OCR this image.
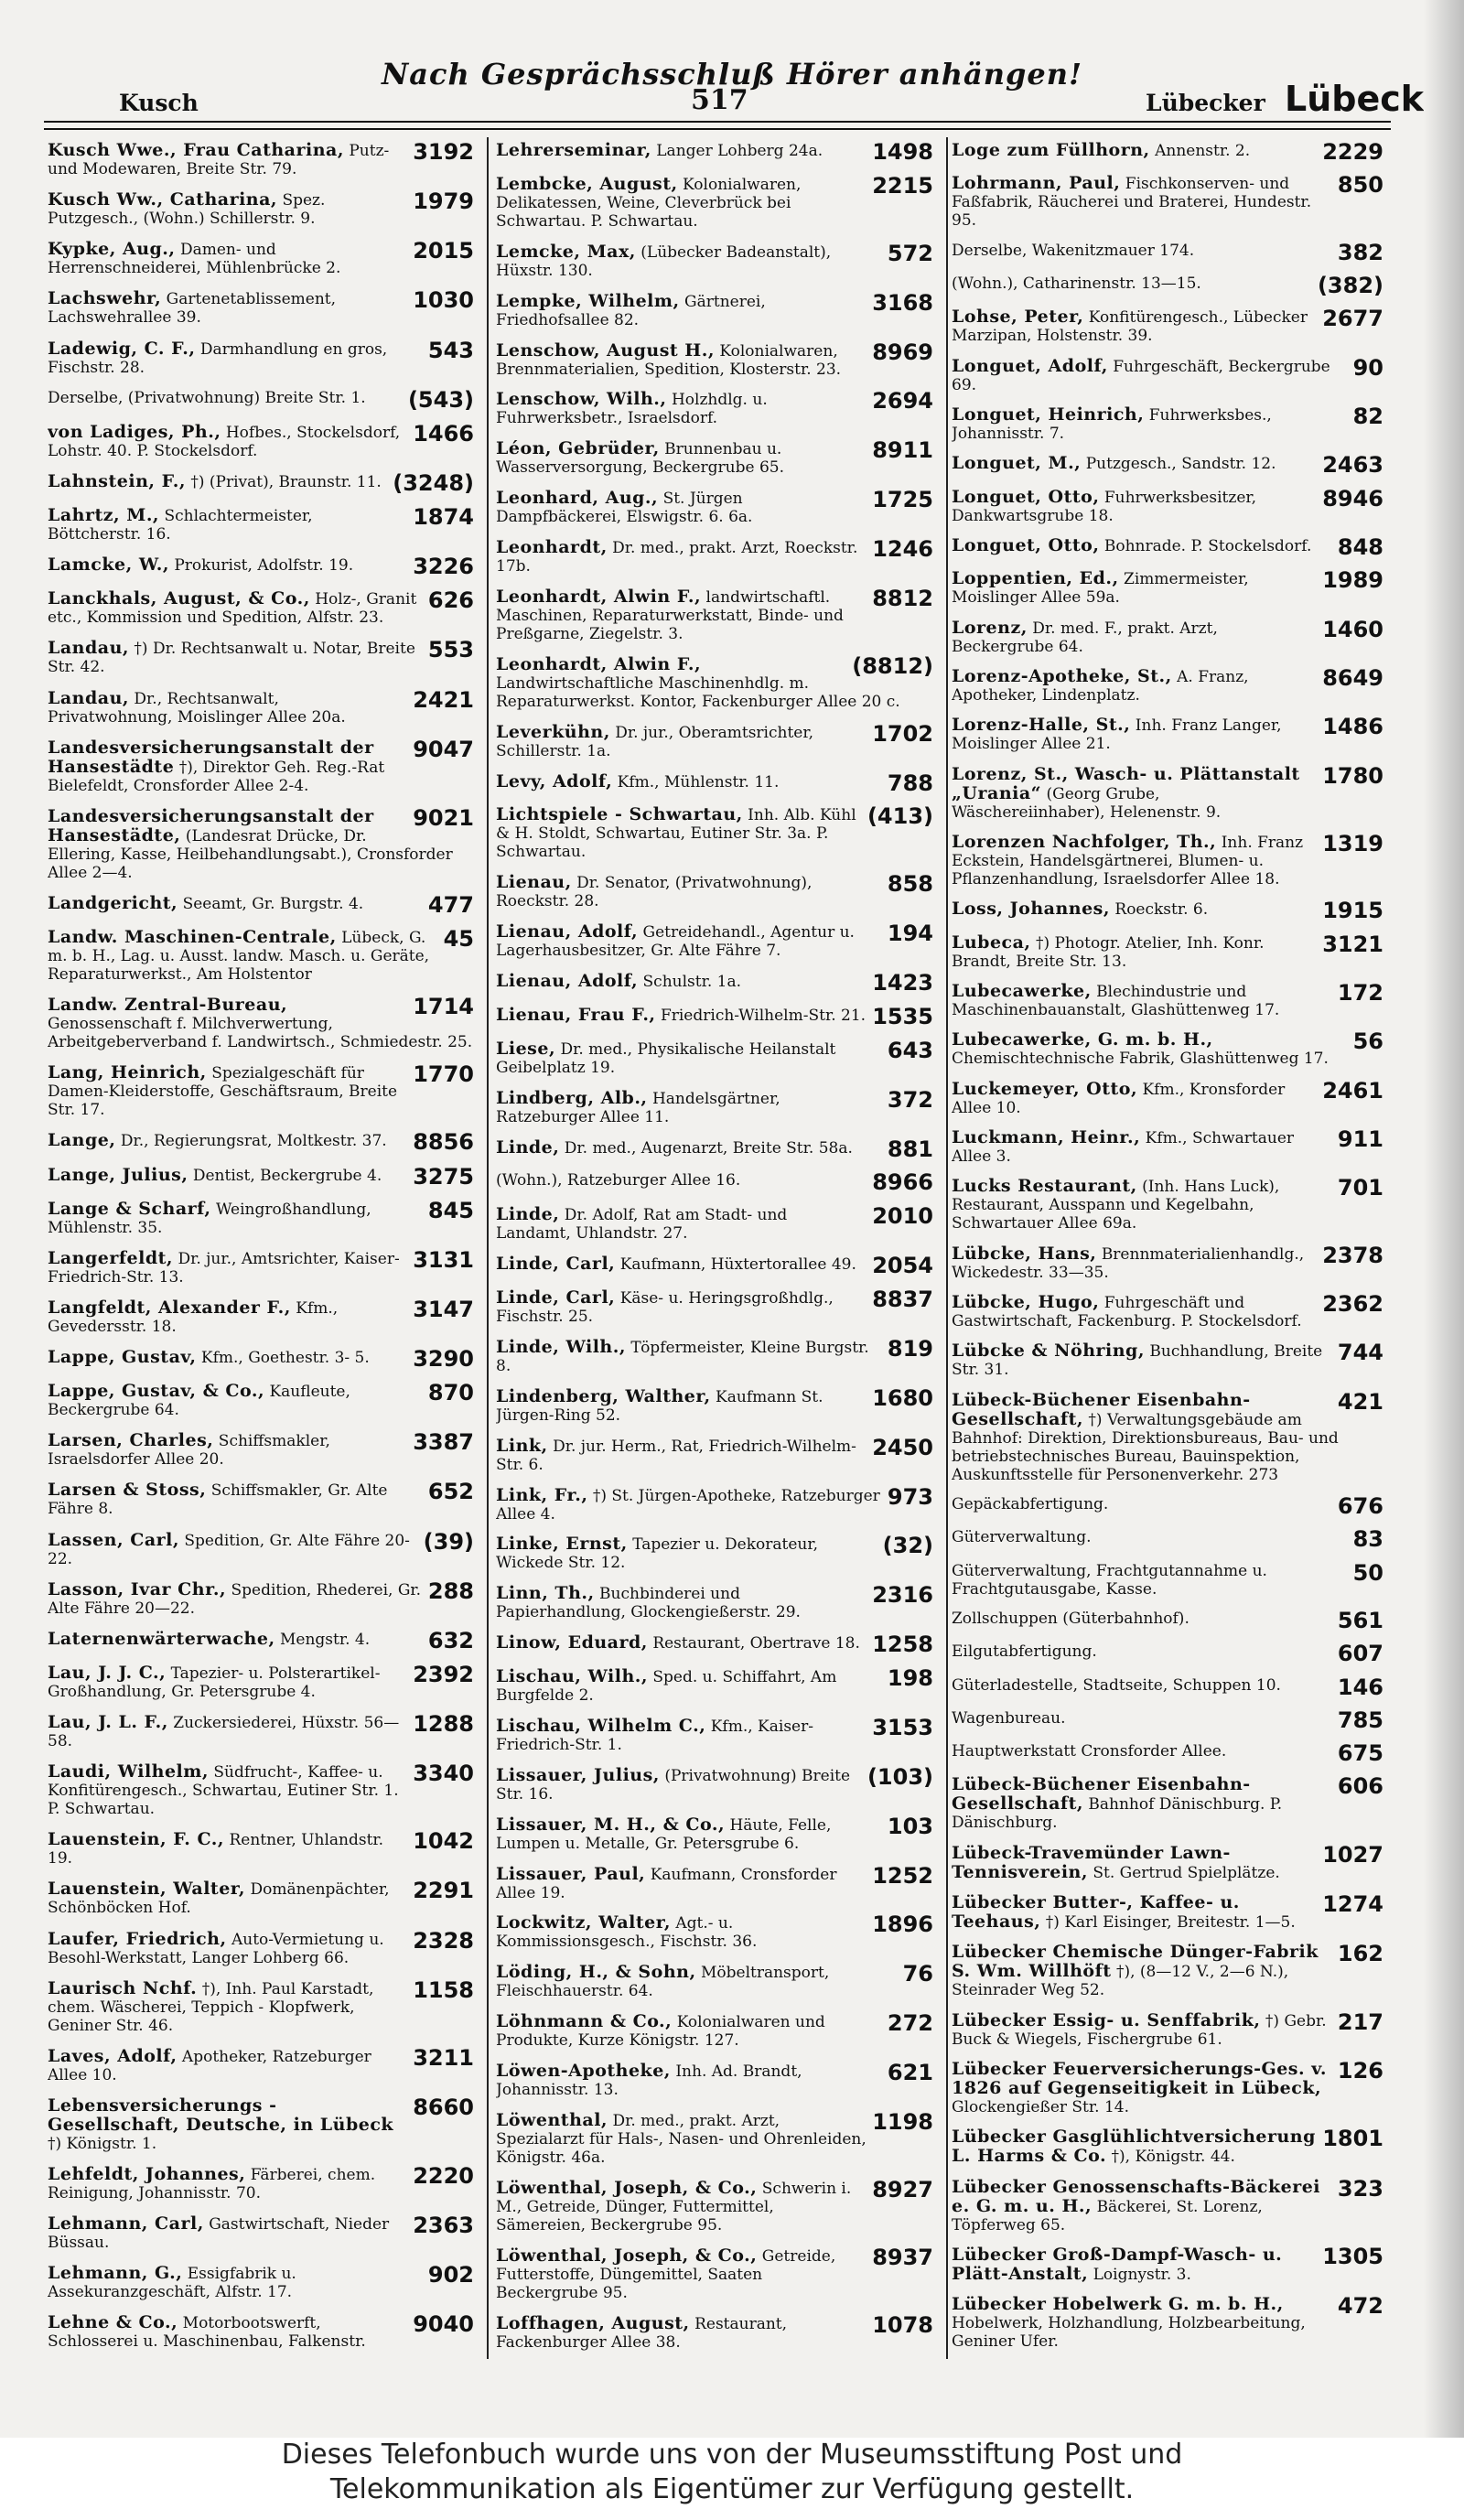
Nach Gesprächsschluß Hörer anhängen!
Kusch	517	Lübecker Lübeck
3192
Kusch Wwe., Frau Catharina, Putz- und Modewaren, Breite Str. 79.
1979
Kusch Ww., Catharina, Spez. Putzgesch., (Wohn.) Schillerstr. 9.
2015
Kypke, Aug., Damen- und Herrenschneiderei, Mühlenbrücke 2.
1030
Lachswehr, Gartenetablissement, Lachswehrallee 39.
543
Ladewig, C. F., Darmhandlung en gros, Fischstr. 28.
(543)
Derselbe, (Privatwohnung) Breite Str. 1.
1466
von Ladiges, Ph., Hofbes., Stockelsdorf, Lohstr. 40. P. Stockelsdorf.
(3248)
Lahnstein, F., †) (Privat), Braunstr. 11.
1874
Lahrtz, M., Schlachtermeister, Böttcherstr. 16.
3226
Lamcke, W., Prokurist, Adolfstr. 19.
626
Lanckhals, August, & Co., Holz-, Granit etc., Kommission und Spedition, Alfstr. 23.
553
Landau, †) Dr. Rechtsanwalt u. Notar, Breite Str. 42.
2421
Landau, Dr., Rechtsanwalt, Privatwohnung, Moislinger Allee 20a.
9047
Landesversicherungsanstalt der Hansestädte †), Direktor Geh. Reg.-Rat Bielefeldt, Cronsforder Allee 2-4.
9021
Landesversicherungsanstalt der Hansestädte, (Landesrat Drücke, Dr. Ellering, Kasse, Heilbehandlungsabt.), Cronsforder Allee 2—4.
477
Landgericht, Seeamt, Gr. Burgstr. 4.
45
Landw. Maschinen-Centrale, Lübeck, G. m. b. H., Lag. u. Ausst. landw. Masch. u. Geräte, Reparaturwerkst., Am Holstentor
1714
Landw. Zentral-Bureau, Genossenschaft f. Milchverwertung, Arbeitgeberverband f. Landwirtsch., Schmiedestr. 25.
1770
Lang, Heinrich, Spezialgeschäft für Damen-Kleiderstoffe, Geschäftsraum, Breite Str. 17.
8856
Lange, Dr., Regierungsrat, Moltkestr. 37.
3275
Lange, Julius, Dentist, Beckergrube 4.
845
Lange & Scharf, Weingroßhandlung, Mühlenstr. 35.
3131
Langerfeldt, Dr. jur., Amtsrichter, Kaiser-Friedrich-Str. 13.
3147
Langfeldt, Alexander F., Kfm., Gevedersstr. 18.
3290
Lappe, Gustav, Kfm., Goethestr. 3- 5.
870
Lappe, Gustav, & Co., Kaufleute, Beckergrube 64.
3387
Larsen, Charles, Schiffsmakler, Israelsdorfer Allee 20.
652
Larsen & Stoss, Schiffsmakler, Gr. Alte Fähre 8.
(39)
Lassen, Carl, Spedition, Gr. Alte Fähre 20-22.
288
Lasson, Ivar Chr., Spedition, Rhederei, Gr. Alte Fähre 20—22.
632
Laternenwärterwache, Mengstr. 4.
2392
Lau, J. J. C., Tapezier- u. Polsterartikel-Großhandlung, Gr. Petersgrube 4.
1288
Lau, J. L. F., Zuckersiederei, Hüxstr. 56—58.
3340
Laudi, Wilhelm, Südfrucht-, Kaffee- u. Konfitürengesch., Schwartau, Eutiner Str. 1. P. Schwartau.
1042
Lauenstein, F. C., Rentner, Uhlandstr. 19.
2291
Lauenstein, Walter, Domänenpächter, Schönböcken Hof.
2328
Laufer, Friedrich, Auto-Vermietung u. Besohl-Werkstatt, Langer Lohberg 66.
1158
Laurisch Nchf. †), Inh. Paul Karstadt, chem. Wäscherei, Teppich - Klopfwerk, Geniner Str. 46.
3211
Laves, Adolf, Apotheker, Ratzeburger Allee 10.
8660
Lebensversicherungs - Gesellschaft, Deutsche, in Lübeck †) Königstr. 1.
2220
Lehfeldt, Johannes, Färberei, chem. Reinigung, Johannisstr. 70.
2363
Lehmann, Carl, Gastwirtschaft, Nieder Büssau.
902
Lehmann, G., Essigfabrik u. Assekuranzgeschäft, Alfstr. 17.
9040
Lehne & Co., Motorbootswerft, Schlosserei u. Maschinenbau, Falkenstr.
1498
Lehrerseminar, Langer Lohberg 24a.
2215
Lembcke, August, Kolonialwaren, Delikatessen, Weine, Cleverbrück bei Schwartau. P. Schwartau.
572
Lemcke, Max, (Lübecker Badeanstalt), Hüxstr. 130.
3168
Lempke, Wilhelm, Gärtnerei, Friedhofsallee 82.
8969
Lenschow, August H., Kolonialwaren, Brennmaterialien, Spedition, Klosterstr. 23.
2694
Lenschow, Wilh., Holzhdlg. u. Fuhrwerksbetr., Israelsdorf.
8911
Léon, Gebrüder, Brunnenbau u. Wasserversorgung, Beckergrube 65.
1725
Leonhard, Aug., St. Jürgen Dampfbäckerei, Elswigstr. 6. 6a.
1246
Leonhardt, Dr. med., prakt. Arzt, Roeckstr. 17b.
8812
Leonhardt, Alwin F., landwirtschaftl. Maschinen, Reparaturwerkstatt, Binde- und Preßgarne, Ziegelstr. 3.
(8812)
Leonhardt, Alwin F., Landwirtschaftliche Maschinenhdlg. m. Reparaturwerkst. Kontor, Fackenburger Allee 20 c.
1702
Leverkühn, Dr. jur., Oberamtsrichter, Schillerstr. 1a.
788
Levy, Adolf, Kfm., Mühlenstr. 11.
(413)
Lichtspiele - Schwartau, Inh. Alb. Kühl & H. Stoldt, Schwartau, Eutiner Str. 3a. P. Schwartau.
858
Lienau, Dr. Senator, (Privatwohnung), Roeckstr. 28.
194
Lienau, Adolf, Getreidehandl., Agentur u. Lagerhausbesitzer, Gr. Alte Fähre 7.
1423
Lienau, Adolf, Schulstr. 1a.
1535
Lienau, Frau F., Friedrich-Wilhelm-Str. 21.
643
Liese, Dr. med., Physikalische Heilanstalt Geibelplatz 19.
372
Lindberg, Alb., Handelsgärtner, Ratzeburger Allee 11.
881
Linde, Dr. med., Augenarzt, Breite Str. 58a.
8966
(Wohn.), Ratzeburger Allee 16.
2010
Linde, Dr. Adolf, Rat am Stadt- und Landamt, Uhlandstr. 27.
2054
Linde, Carl, Kaufmann, Hüxtertorallee 49.
8837
Linde, Carl, Käse- u. Heringsgroßhdlg., Fischstr. 25.
819
Linde, Wilh., Töpfermeister, Kleine Burgstr. 8.
1680
Lindenberg, Walther, Kaufmann St. Jürgen-Ring 52.
2450
Link, Dr. jur. Herm., Rat, Friedrich-Wilhelm-Str. 6.
973
Link, Fr., †) St. Jürgen-Apotheke, Ratzeburger Allee 4.
(32)
Linke, Ernst, Tapezier u. Dekorateur, Wickede Str. 12.
2316
Linn, Th., Buchbinderei und Papierhandlung, Glockengießerstr. 29.
1258
Linow, Eduard, Restaurant, Obertrave 18.
198
Lischau, Wilh., Sped. u. Schiffahrt, Am Burgfelde 2.
3153
Lischau, Wilhelm C., Kfm., Kaiser-Friedrich-Str. 1.
(103)
Lissauer, Julius, (Privatwohnung) Breite Str. 16.
103
Lissauer, M. H., & Co., Häute, Felle, Lumpen u. Metalle, Gr. Petersgrube 6.
1252
Lissauer, Paul, Kaufmann, Cronsforder Allee 19.
1896
Lockwitz, Walter, Agt.- u. Kommissionsgesch., Fischstr. 36.
76
Löding, H., & Sohn, Möbeltransport, Fleischhauerstr. 64.
272
Löhnmann & Co., Kolonialwaren und Produkte, Kurze Königstr. 127.
621
Löwen-Apotheke, Inh. Ad. Brandt, Johannisstr. 13.
1198
Löwenthal, Dr. med., prakt. Arzt, Spezialarzt für Hals-, Nasen- und Ohrenleiden, Königstr. 46a.
8927
Löwenthal, Joseph, & Co., Schwerin i. M., Getreide, Dünger, Futtermittel, Sämereien, Beckergrube 95.
8937
Löwenthal, Joseph, & Co., Getreide, Futterstoffe, Düngemittel, Saaten Beckergrube 95.
1078
Loffhagen, August, Restaurant, Fackenburger Allee 38.
2229
Loge zum Füllhorn, Annenstr. 2.
850
Lohrmann, Paul, Fischkonserven- und Faßfabrik, Räucherei und Braterei, Hundestr. 95.
382
Derselbe, Wakenitzmauer 174.
(382)
(Wohn.), Catharinenstr. 13—15.
2677
Lohse, Peter, Konfitürengesch., Lübecker Marzipan, Holstenstr. 39.
90
Longuet, Adolf, Fuhrgeschäft, Beckergrube 69.
82
Longuet, Heinrich, Fuhrwerksbes., Johannisstr. 7.
2463
Longuet, M., Putzgesch., Sandstr. 12.
8946
Longuet, Otto, Fuhrwerksbesitzer, Dankwartsgrube 18.
848
Longuet, Otto, Bohnrade. P. Stockelsdorf.
1989
Loppentien, Ed., Zimmermeister, Moislinger Allee 59a.
1460
Lorenz, Dr. med. F., prakt. Arzt, Beckergrube 64.
8649
Lorenz-Apotheke, St., A. Franz, Apotheker, Lindenplatz.
1486
Lorenz-Halle, St., Inh. Franz Langer, Moislinger Allee 21.
1780
Lorenz, St., Wasch- u. Plättanstalt „Urania“ (Georg Grube, Wäschereiinhaber), Helenenstr. 9.
1319
Lorenzen Nachfolger, Th., Inh. Franz Eckstein, Handelsgärtnerei, Blumen- u. Pflanzenhandlung, Israelsdorfer Allee 18.
1915
Loss, Johannes, Roeckstr. 6.
3121
Lubeca, †) Photogr. Atelier, Inh. Konr. Brandt, Breite Str. 13.
172
Lubecawerke, Blechindustrie und Maschinenbauanstalt, Glashüttenweg 17.
56
Lubecawerke, G. m. b. H., Chemischtechnische Fabrik, Glashüttenweg 17.
2461
Luckemeyer, Otto, Kfm., Kronsforder Allee 10.
911
Luckmann, Heinr., Kfm., Schwartauer Allee 3.
701
Lucks Restaurant, (Inh. Hans Luck), Restaurant, Ausspann und Kegelbahn, Schwartauer Allee 69a.
2378
Lübcke, Hans, Brennmaterialienhandlg., Wickedestr. 33—35.
2362
Lübcke, Hugo, Fuhrgeschäft und Gastwirtschaft, Fackenburg. P. Stockelsdorf.
744
Lübcke & Nöhring, Buchhandlung, Breite Str. 31.
421
Lübeck-Büchener Eisenbahn-Gesellschaft, †) Verwaltungsgebäude am Bahnhof: Direktion, Direktionsbureaus, Bau- und betriebstechnisches Bureau, Bauinspektion, Auskunftsstelle für Personenverkehr. 273
676
Gepäckabfertigung.
83
Güterverwaltung.
50
Güterverwaltung, Frachtgutannahme u. Frachtgutausgabe, Kasse.
561
Zollschuppen (Güterbahnhof).
607
Eilgutabfertigung.
146
Güterladestelle, Stadtseite, Schuppen 10.
785
Wagenbureau.
675
Hauptwerkstatt Cronsforder Allee.
606
Lübeck-Büchener Eisenbahn-Gesellschaft, Bahnhof Dänischburg. P. Dänischburg.
1027
Lübeck-Travemünder Lawn-Tennisverein, St. Gertrud Spielplätze.
1274
Lübecker Butter-, Kaffee- u. Teehaus, †) Karl Eisinger, Breitestr. 1—5.
162
Lübecker Chemische Dünger-Fabrik S. Wm. Willhöft †), (8—12 V., 2—6 N.), Steinrader Weg 52.
217
Lübecker Essig- u. Senffabrik, †) Gebr. Buck & Wiegels, Fischergrube 61.
126
Lübecker Feuerversicherungs-Ges. v. 1826 auf Gegenseitigkeit in Lübeck, Glockengießer Str. 14.
1801
Lübecker Gasglühlichtversicherung L. Harms & Co. †), Königstr. 44.
323
Lübecker Genossenschafts-Bäckerei e. G. m. u. H., Bäckerei, St. Lorenz, Töpferweg 65.
1305
Lübecker Groß-Dampf-Wasch- u. Plätt-Anstalt, Loignystr. 3.
472
Lübecker Hobelwerk G. m. b. H., Hobelwerk, Holzhandlung, Holzbearbeitung, Geniner Ufer.
Dieses Telefonbuch wurde uns von der Museumsstiftung Post und
Telekommunikation als Eigentümer zur Verfügung gestellt.
